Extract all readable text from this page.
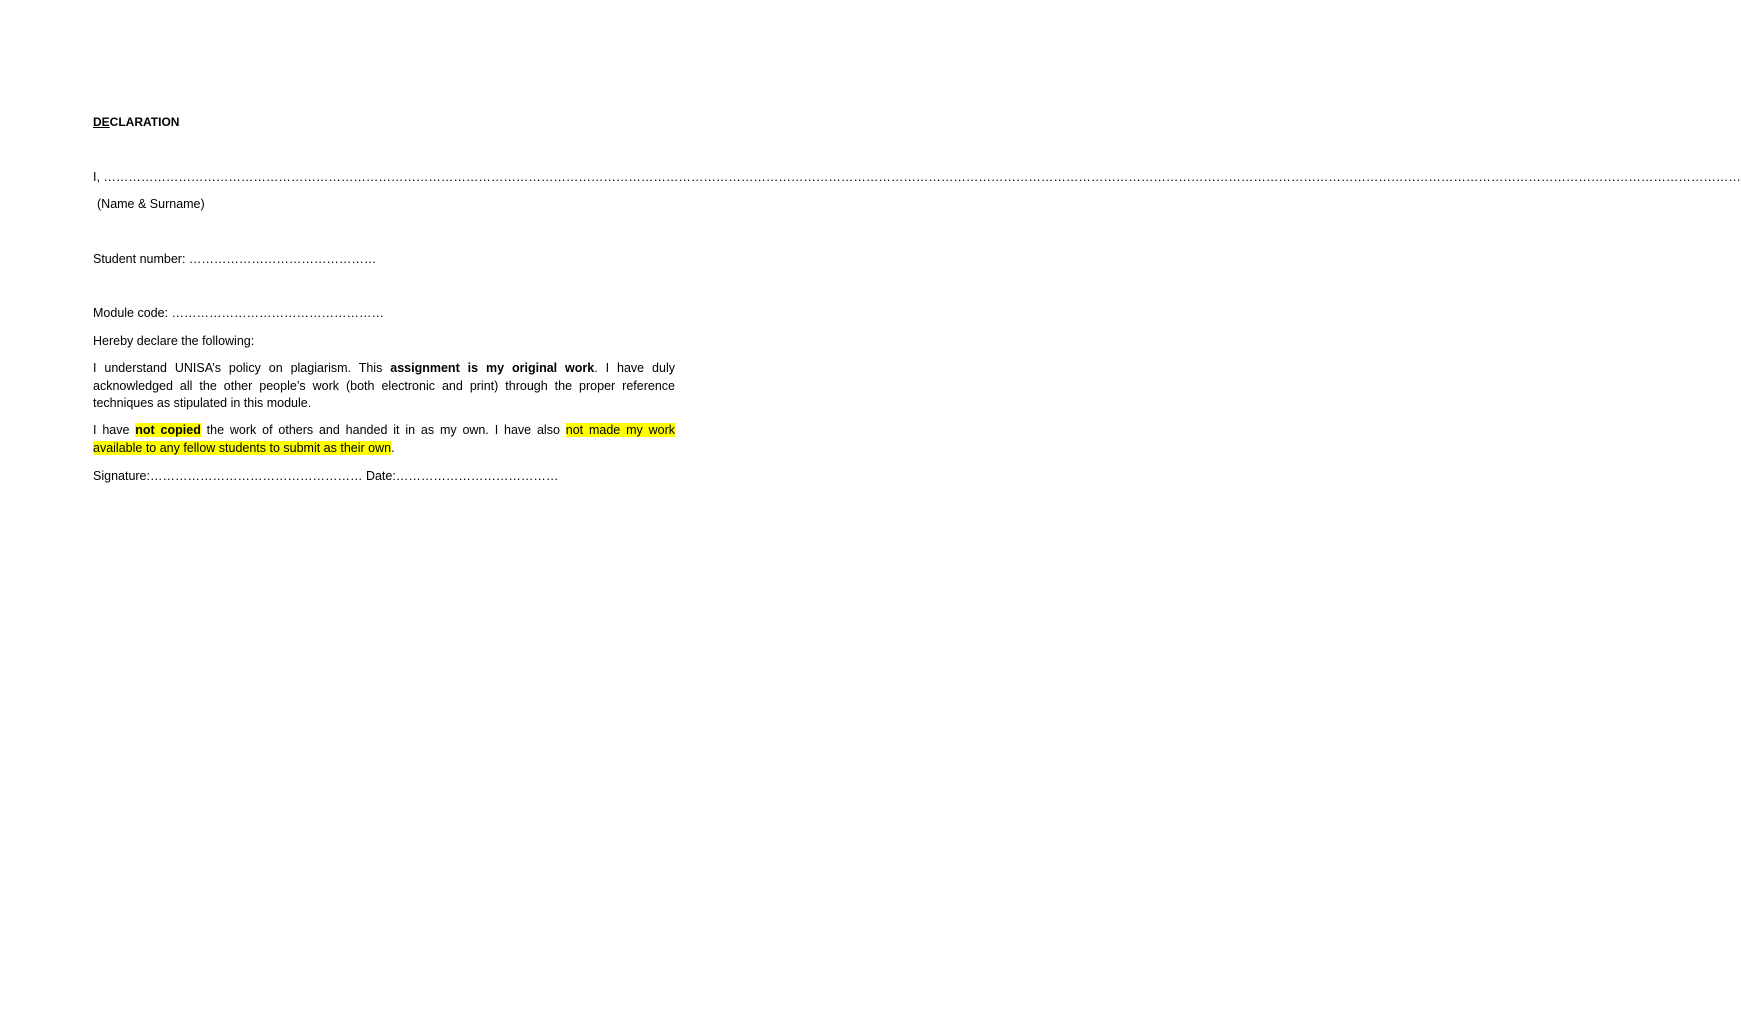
DECLARATION
I, ……………………………………………………………………………………………………………………………………………………………………………………………………………………………………………………………………………………………………………………………………………………………
(Name & Surname)
Student number: ………………………………………
Module code: ……………………………………………
Hereby declare the following:
I understand UNISA’s policy on plagiarism. This assignment is my original work. I have duly acknowledged all the other people’s work (both electronic and print) through the proper reference techniques as stipulated in this module.
I have not copied the work of others and handed it in as my own. I have also not made my work available to any fellow students to submit as their own.
Signature:…………………………………………… Date:…………………………………
